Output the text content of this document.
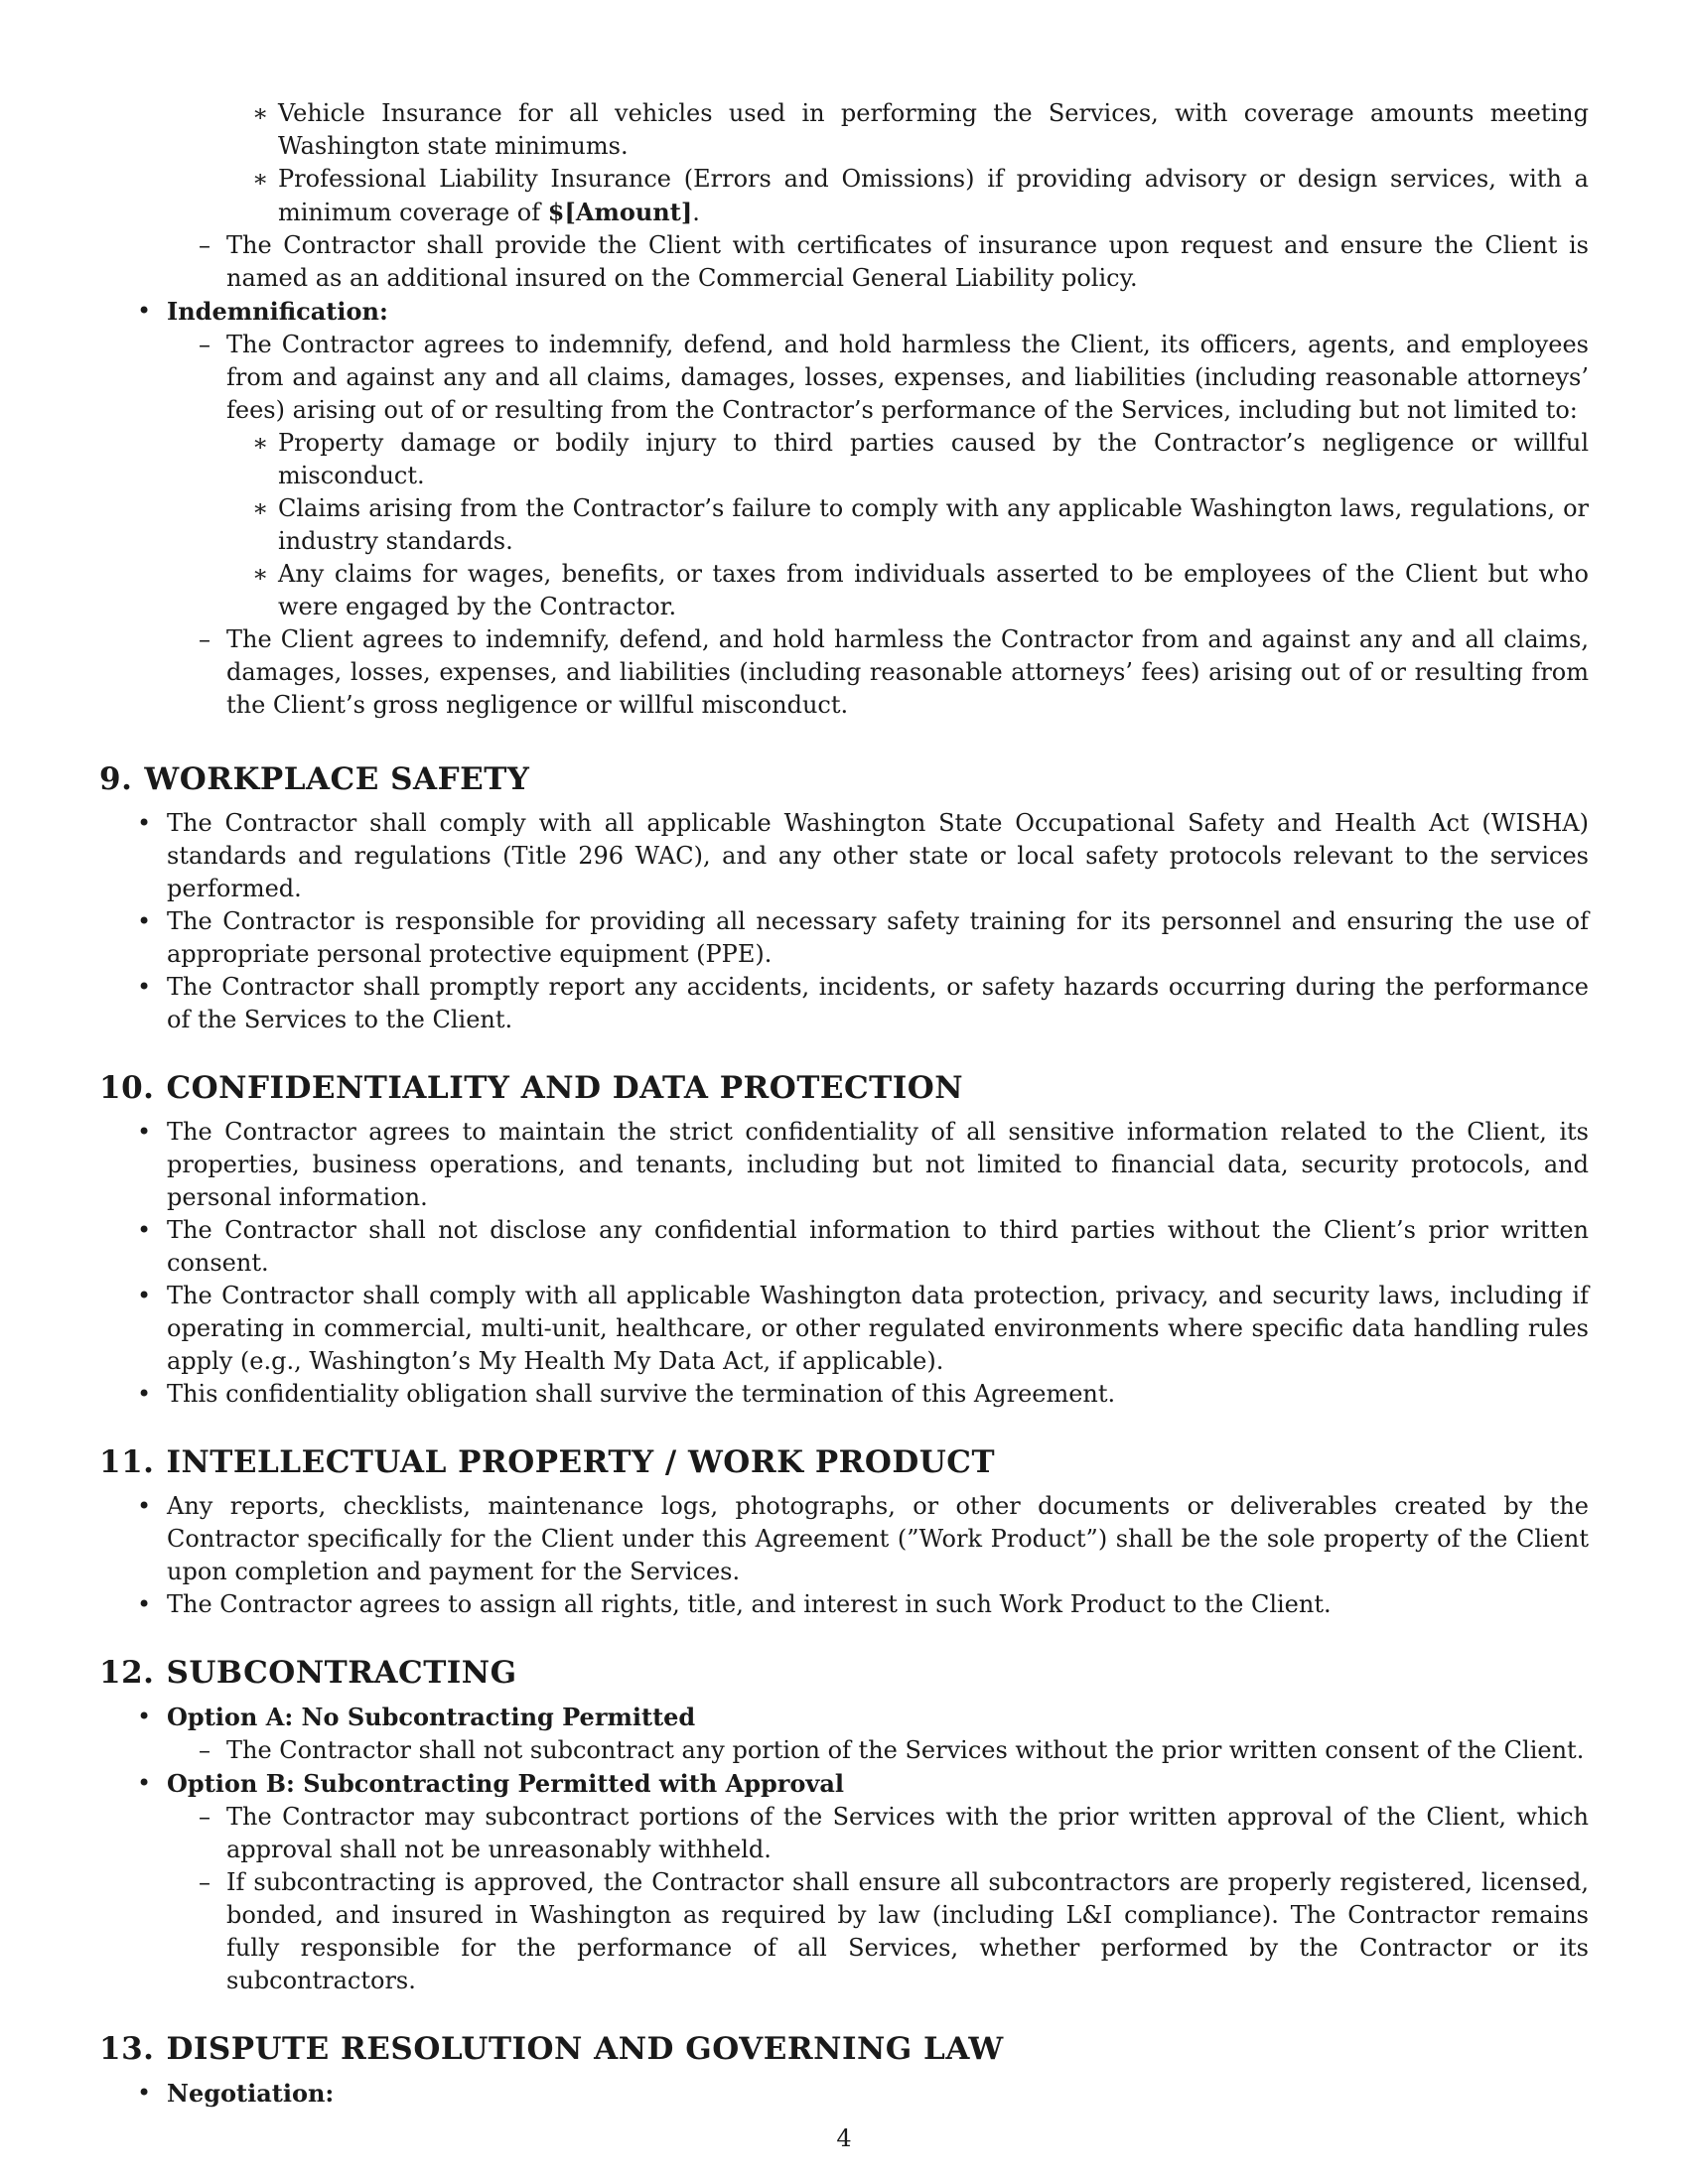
∗ Vehicle Insurance for all vehicles used in performing the Services, with coverage amounts meeting Washington state minimums.
∗ Professional Liability Insurance (Errors and Omissions) if providing advisory or design services, with a minimum coverage of $[Amount].
– The Contractor shall provide the Client with certificates of insurance upon request and ensure the Client is named as an additional insured on the Commercial General Liability policy.
• Indemnification:
– The Contractor agrees to indemnify, defend, and hold harmless the Client, its officers, agents, and employees from and against any and all claims, damages, losses, expenses, and liabilities (including reasonable attorneys’ fees) arising out of or resulting from the Contractor’s performance of the Services, including but not limited to:
∗ Property damage or bodily injury to third parties caused by the Contractor’s negligence or willful misconduct.
∗ Claims arising from the Contractor’s failure to comply with any applicable Washington laws, regulations, or industry standards.
∗ Any claims for wages, benefits, or taxes from individuals asserted to be employees of the Client but who were engaged by the Contractor.
– The Client agrees to indemnify, defend, and hold harmless the Contractor from and against any and all claims, damages, losses, expenses, and liabilities (including reasonable attorneys’ fees) arising out of or resulting from the Client’s gross negligence or willful misconduct.
9. WORKPLACE SAFETY
• The Contractor shall comply with all applicable Washington State Occupational Safety and Health Act (WISHA) standards and regulations (Title 296 WAC), and any other state or local safety protocols relevant to the services performed.
• The Contractor is responsible for providing all necessary safety training for its personnel and ensuring the use of appropriate personal protective equipment (PPE).
• The Contractor shall promptly report any accidents, incidents, or safety hazards occurring during the performance of the Services to the Client.
10. CONFIDENTIALITY AND DATA PROTECTION
• The Contractor agrees to maintain the strict confidentiality of all sensitive information related to the Client, its properties, business operations, and tenants, including but not limited to financial data, security protocols, and personal information.
• The Contractor shall not disclose any confidential information to third parties without the Client’s prior written consent.
• The Contractor shall comply with all applicable Washington data protection, privacy, and security laws, including if operating in commercial, multi-unit, healthcare, or other regulated environments where specific data handling rules apply (e.g., Washington’s My Health My Data Act, if applicable).
• This confidentiality obligation shall survive the termination of this Agreement.
11. INTELLECTUAL PROPERTY / WORK PRODUCT
• Any reports, checklists, maintenance logs, photographs, or other documents or deliverables created by the Contractor specifically for the Client under this Agreement (”Work Product”) shall be the sole property of the Client upon completion and payment for the Services.
• The Contractor agrees to assign all rights, title, and interest in such Work Product to the Client.
12. SUBCONTRACTING
• Option A: No Subcontracting Permitted
– The Contractor shall not subcontract any portion of the Services without the prior written consent of the Client.
• Option B: Subcontracting Permitted with Approval
– The Contractor may subcontract portions of the Services with the prior written approval of the Client, which approval shall not be unreasonably withheld.
– If subcontracting is approved, the Contractor shall ensure all subcontractors are properly registered, licensed, bonded, and insured in Washington as required by law (including L&I compliance). The Contractor remains fully responsible for the performance of all Services, whether performed by the Contractor or its subcontractors.
13. DISPUTE RESOLUTION AND GOVERNING LAW
• Negotiation:
4
